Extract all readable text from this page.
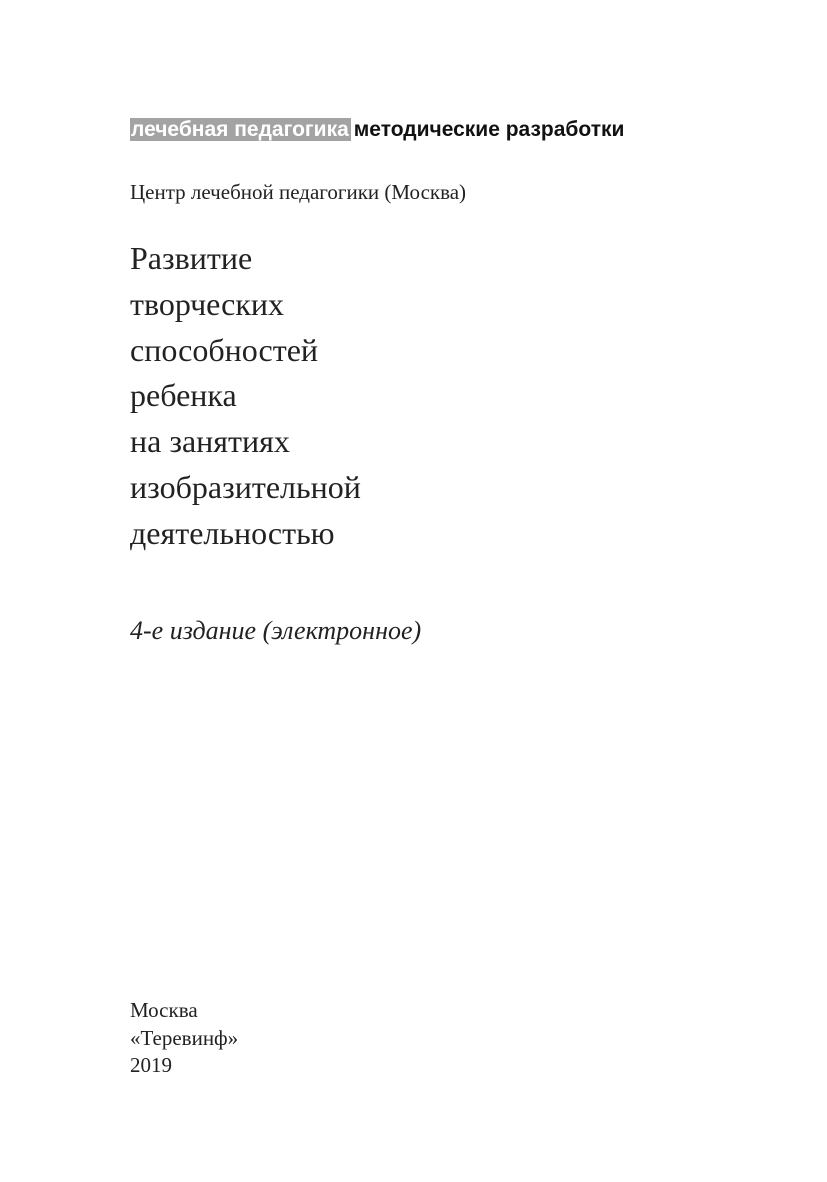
лечебная педагогика методические разработки
Центр лечебной педагогики (Москва)
Развитие
творческих
способностей
ребенка
на занятиях
изобразительной
деятельностью
4-е издание (электронное)
Москва
«Теревинф»
2019
